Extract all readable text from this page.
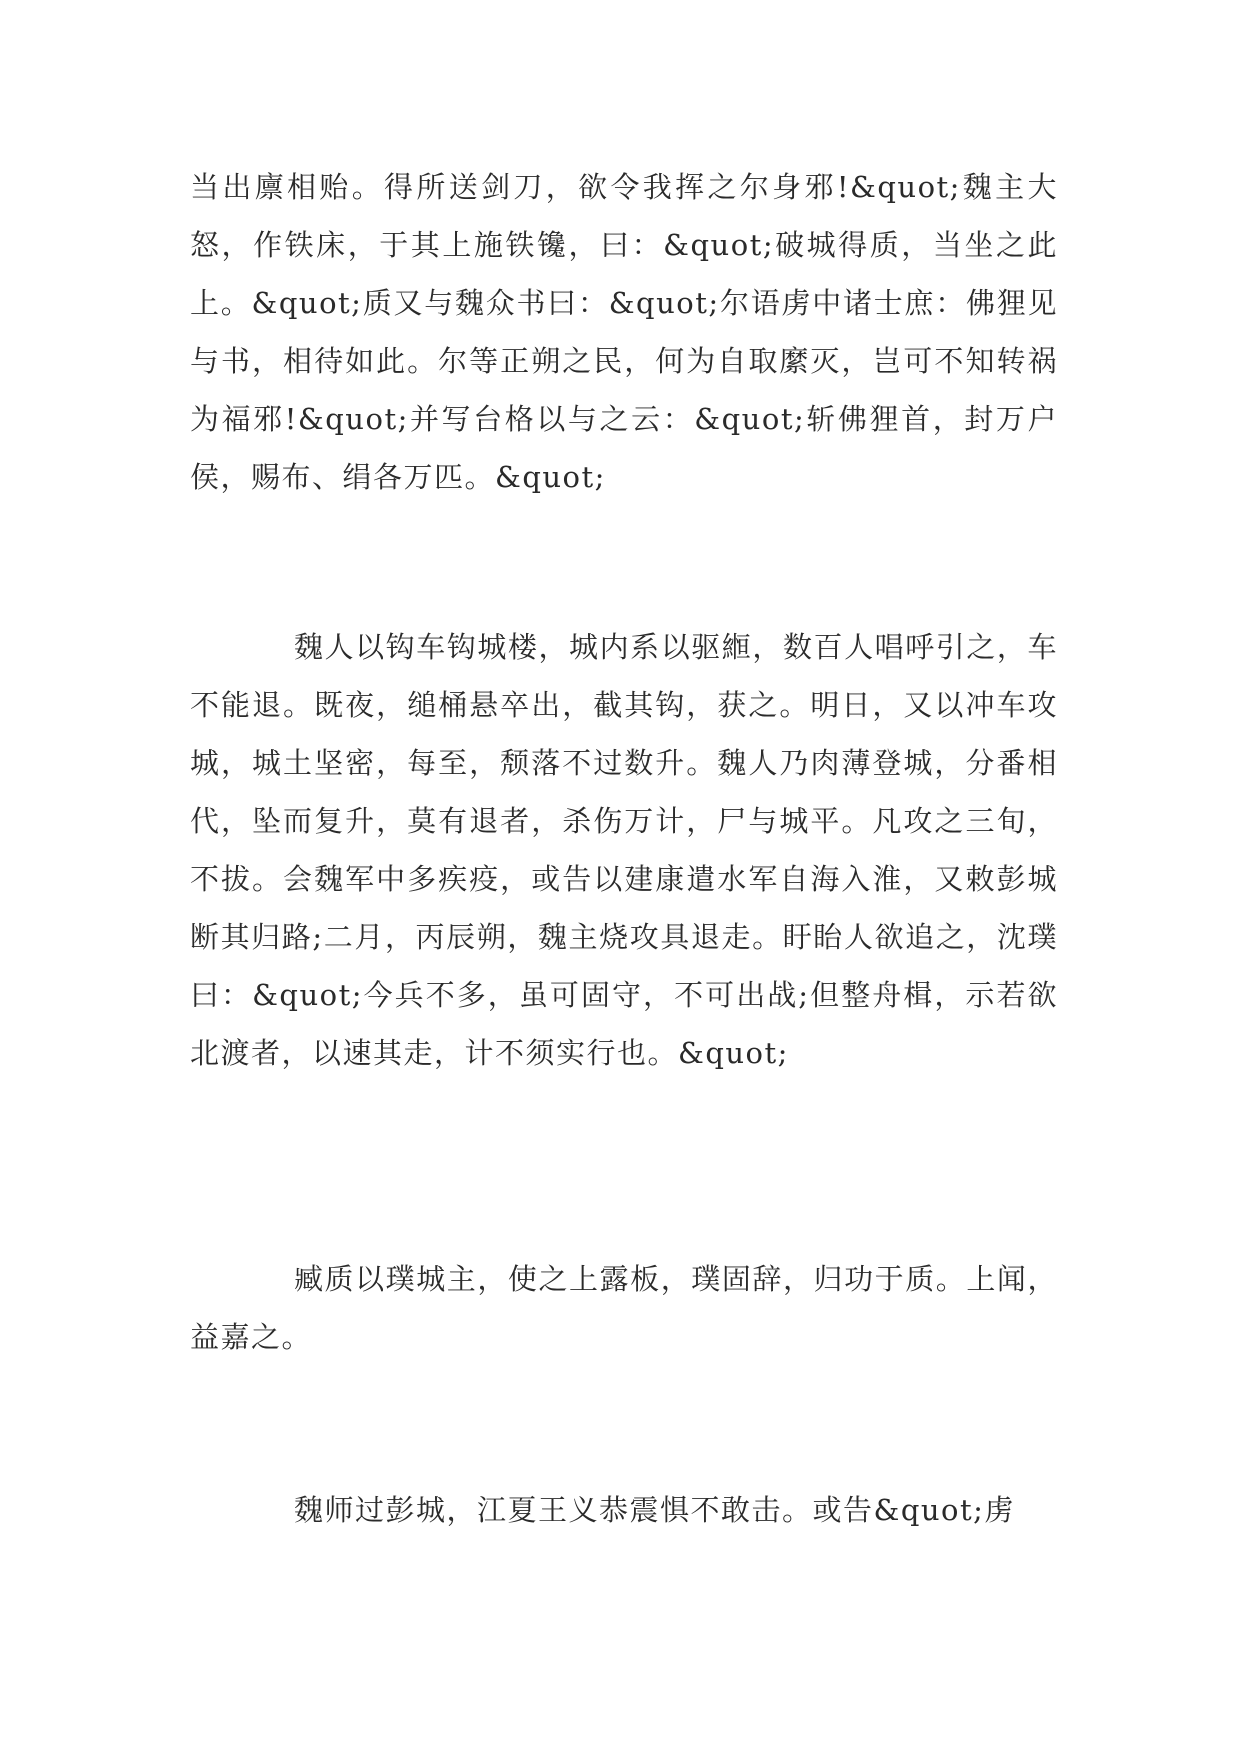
当出廪相贻。得所送剑刀，欲令我挥之尔身邪!&quot;魏主大怒，作铁床，于其上施铁镵，曰：&quot;破城得质，当坐之此上。&quot;质又与魏众书曰：&quot;尔语虏中诸士庶：佛狸见与书，相待如此。尔等正朔之民，何为自取縻灭，岂可不知转祸为福邪!&quot;并写台格以与之云：&quot;斩佛狸首，封万户侯，赐布、绢各万匹。&quot;

魏人以钩车钩城楼，城内系以驱縆，数百人唱呼引之，车不能退。既夜，缒桶悬卒出，截其钩，获之。明日，又以冲车攻城，城土坚密，每至，颓落不过数升。魏人乃肉薄登城，分番相代，坠而复升，莫有退者，杀伤万计，尸与城平。凡攻之三旬，不拔。会魏军中多疾疫，或告以建康遣水军自海入淮，又敕彭城断其归路;二月，丙辰朔，魏主烧攻具退走。盱眙人欲追之，沈璞曰：&quot;今兵不多，虽可固守，不可出战;但整舟楫，示若欲北渡者，以速其走，计不须实行也。&quot;

臧质以璞城主，使之上露板，璞固辞，归功于质。上闻，益嘉之。

魏师过彭城，江夏王义恭震惧不敢击。或告&quot;虏
